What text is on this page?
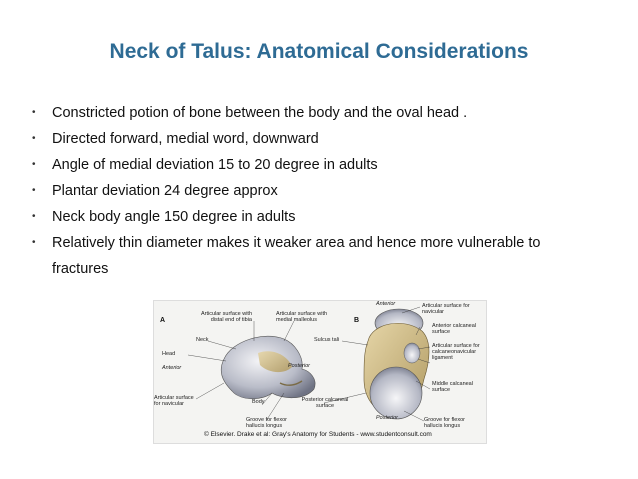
Neck of Talus: Anatomical Considerations
• Constricted potion of bone between the body and the oval head .
• Directed forward, medial word, downward
• Angle of medial deviation 15 to 20 degree in adults
• Plantar deviation 24 degree approx
• Neck body angle 150 degree in adults
• Relatively thin diameter makes it weaker area and hence more vulnerable to fractures
A	B
Articular surface with distal end of tibia
Articular surface with medial malleolus
Neck
Head
Anterior
Articular surface for navicular	Body
Groove for flexor hallucis longus
Posterior
Sulcus tali
Anterior	Articular surface for navicular
Anterior calcaneal surface
Articular surface for calcaneonavicular ligament
Middle calcaneal surface
Posterior calcaneal surface
Posterior	Groove for flexor hallucis longus
© Elsevier. Drake et al: Gray's Anatomy for Students - www.studentconsult.com
